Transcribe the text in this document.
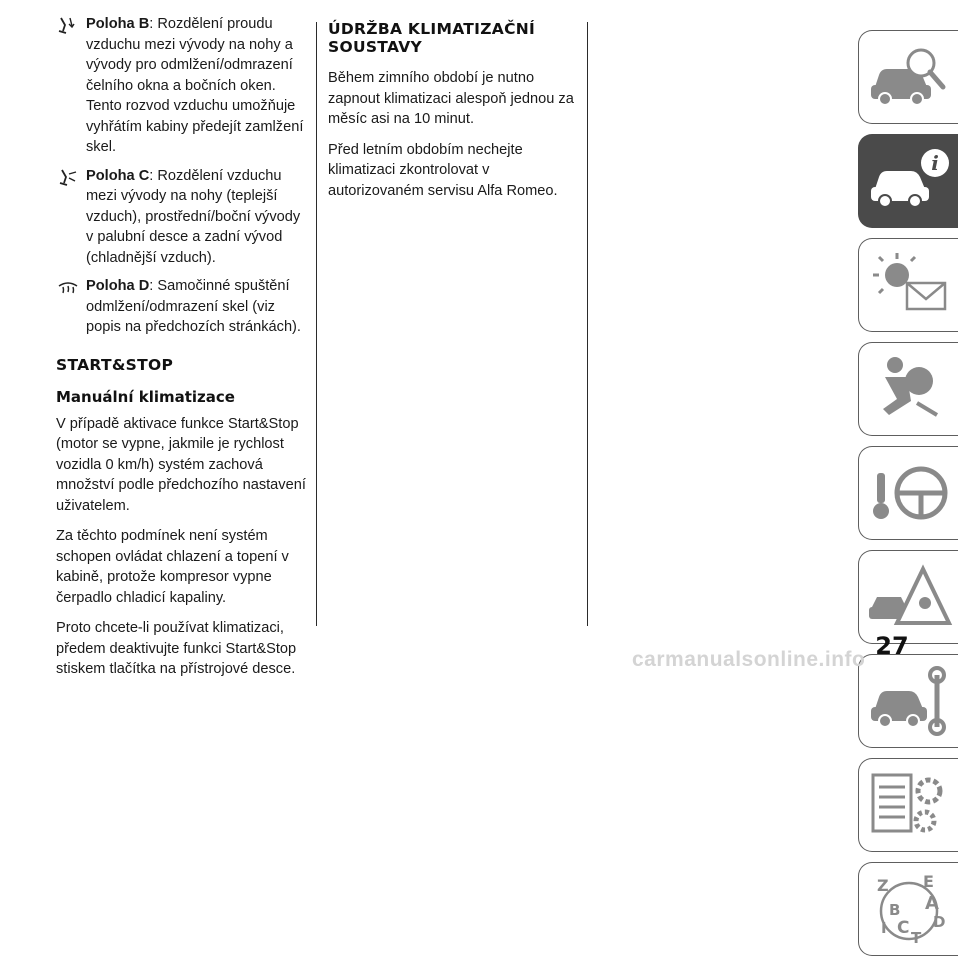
Poloha B: Rozdělení proudu vzduchu mezi vývody na nohy a vývody pro odmlžení/odmrazení čelního okna a bočních oken. Tento rozvod vzduchu umožňuje vyhřátím kabiny předejít zamlžení skel.
Poloha C: Rozdělení vzduchu mezi vývody na nohy (teplejší vzduch), prostřední/boční vývody v palubní desce a zadní vývod (chladnější vzduch).
Poloha D: Samočinné spuštění odmlžení/odmrazení skel (viz popis na předchozích stránkách).
START&STOP
Manuální klimatizace

V případě aktivace funkce Start&Stop (motor se vypne, jakmile je rychlost vozidla 0 km/h) systém zachová množství podle předchozího nastavení uživatelem.

Za těchto podmínek není systém schopen ovládat chlazení a topení v kabině, protože kompresor vypne čerpadlo chladicí kapaliny.

Proto chcete-li používat klimatizaci, předem deaktivujte funkci Start&Stop stiskem tlačítka na přístrojové desce.

ÚDRŽBA KLIMATIZAČNÍ SOUSTAVY

Během zimního období je nutno zapnout klimatizaci alespoň jednou za měsíc asi na 10 minut.

Před letním obdobím nechejte klimatizaci zkontrolovat v autorizovaném servisu Alfa Romeo.

i
Z E
B A
D
I C T
27
carmanualsonline.info
